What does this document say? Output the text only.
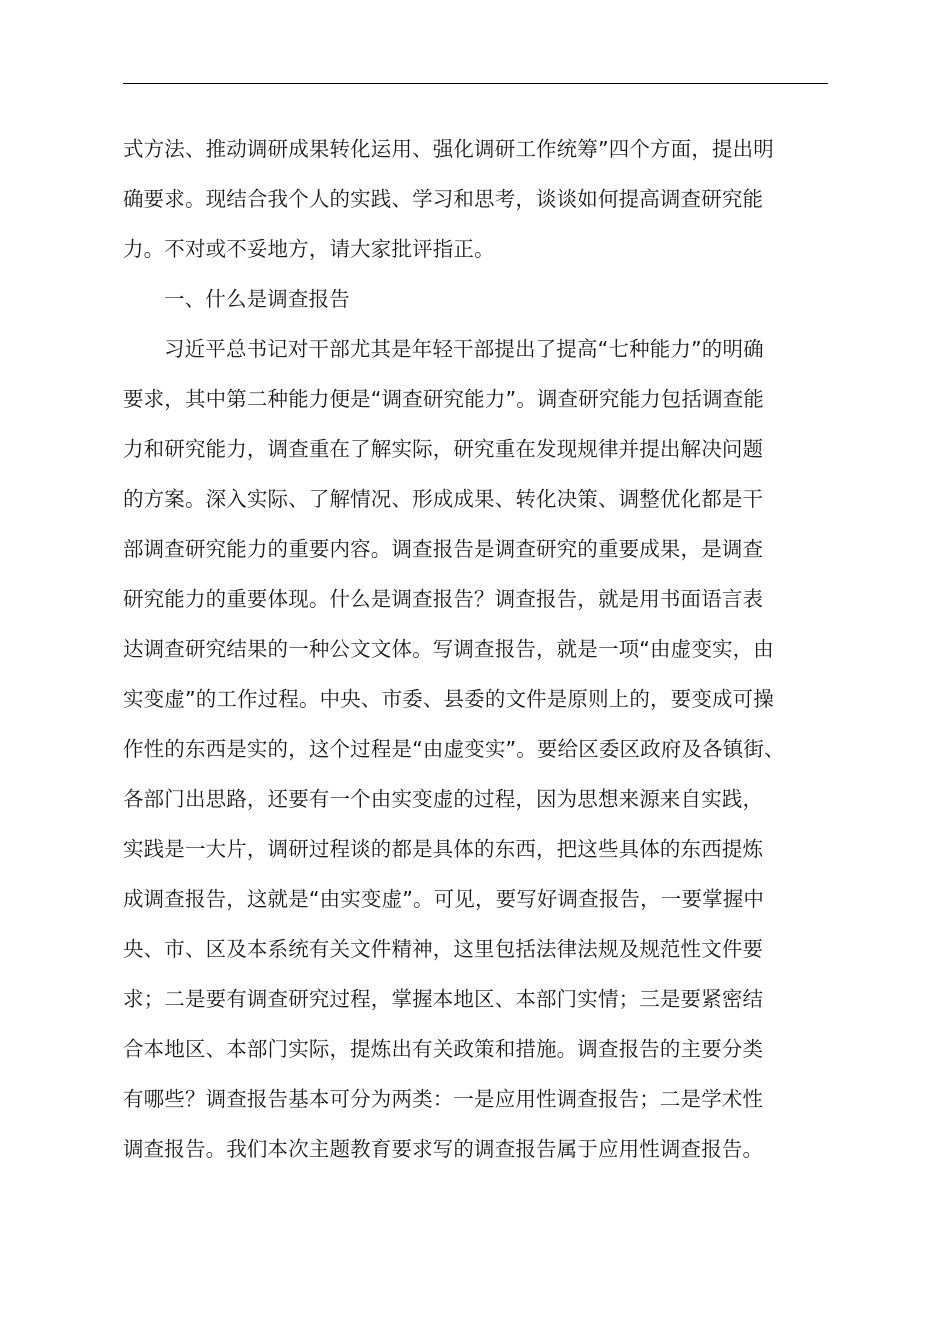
式方法、推动调研成果转化运用、强化调研工作统筹”四个方面，提出明
确要求。现结合我个人的实践、学习和思考，谈谈如何提高调查研究能
力。不对或不妥地方，请大家批评指正。
一、什么是调查报告
习近平总书记对干部尤其是年轻干部提出了提高“七种能力”的明确
要求，其中第二种能力便是“调查研究能力”。调查研究能力包括调查能
力和研究能力，调查重在了解实际，研究重在发现规律并提出解决问题
的方案。深入实际、了解情况、形成成果、转化决策、调整优化都是干
部调查研究能力的重要内容。调查报告是调查研究的重要成果，是调查
研究能力的重要体现。什么是调查报告？调查报告，就是用书面语言表
达调查研究结果的一种公文文体。写调查报告，就是一项“由虚变实，由
实变虚”的工作过程。中央、市委、县委的文件是原则上的，要变成可操
作性的东西是实的，这个过程是“由虚变实”。要给区委区政府及各镇街、
各部门出思路，还要有一个由实变虚的过程，因为思想来源来自实践，
实践是一大片，调研过程谈的都是具体的东西，把这些具体的东西提炼
成调查报告，这就是“由实变虚”。可见，要写好调查报告，一要掌握中
央、市、区及本系统有关文件精神，这里包括法律法规及规范性文件要
求；二是要有调查研究过程，掌握本地区、本部门实情；三是要紧密结
合本地区、本部门实际，提炼出有关政策和措施。调查报告的主要分类
有哪些？调查报告基本可分为两类：一是应用性调查报告；二是学术性
调查报告。我们本次主题教育要求写的调查报告属于应用性调查报告。
